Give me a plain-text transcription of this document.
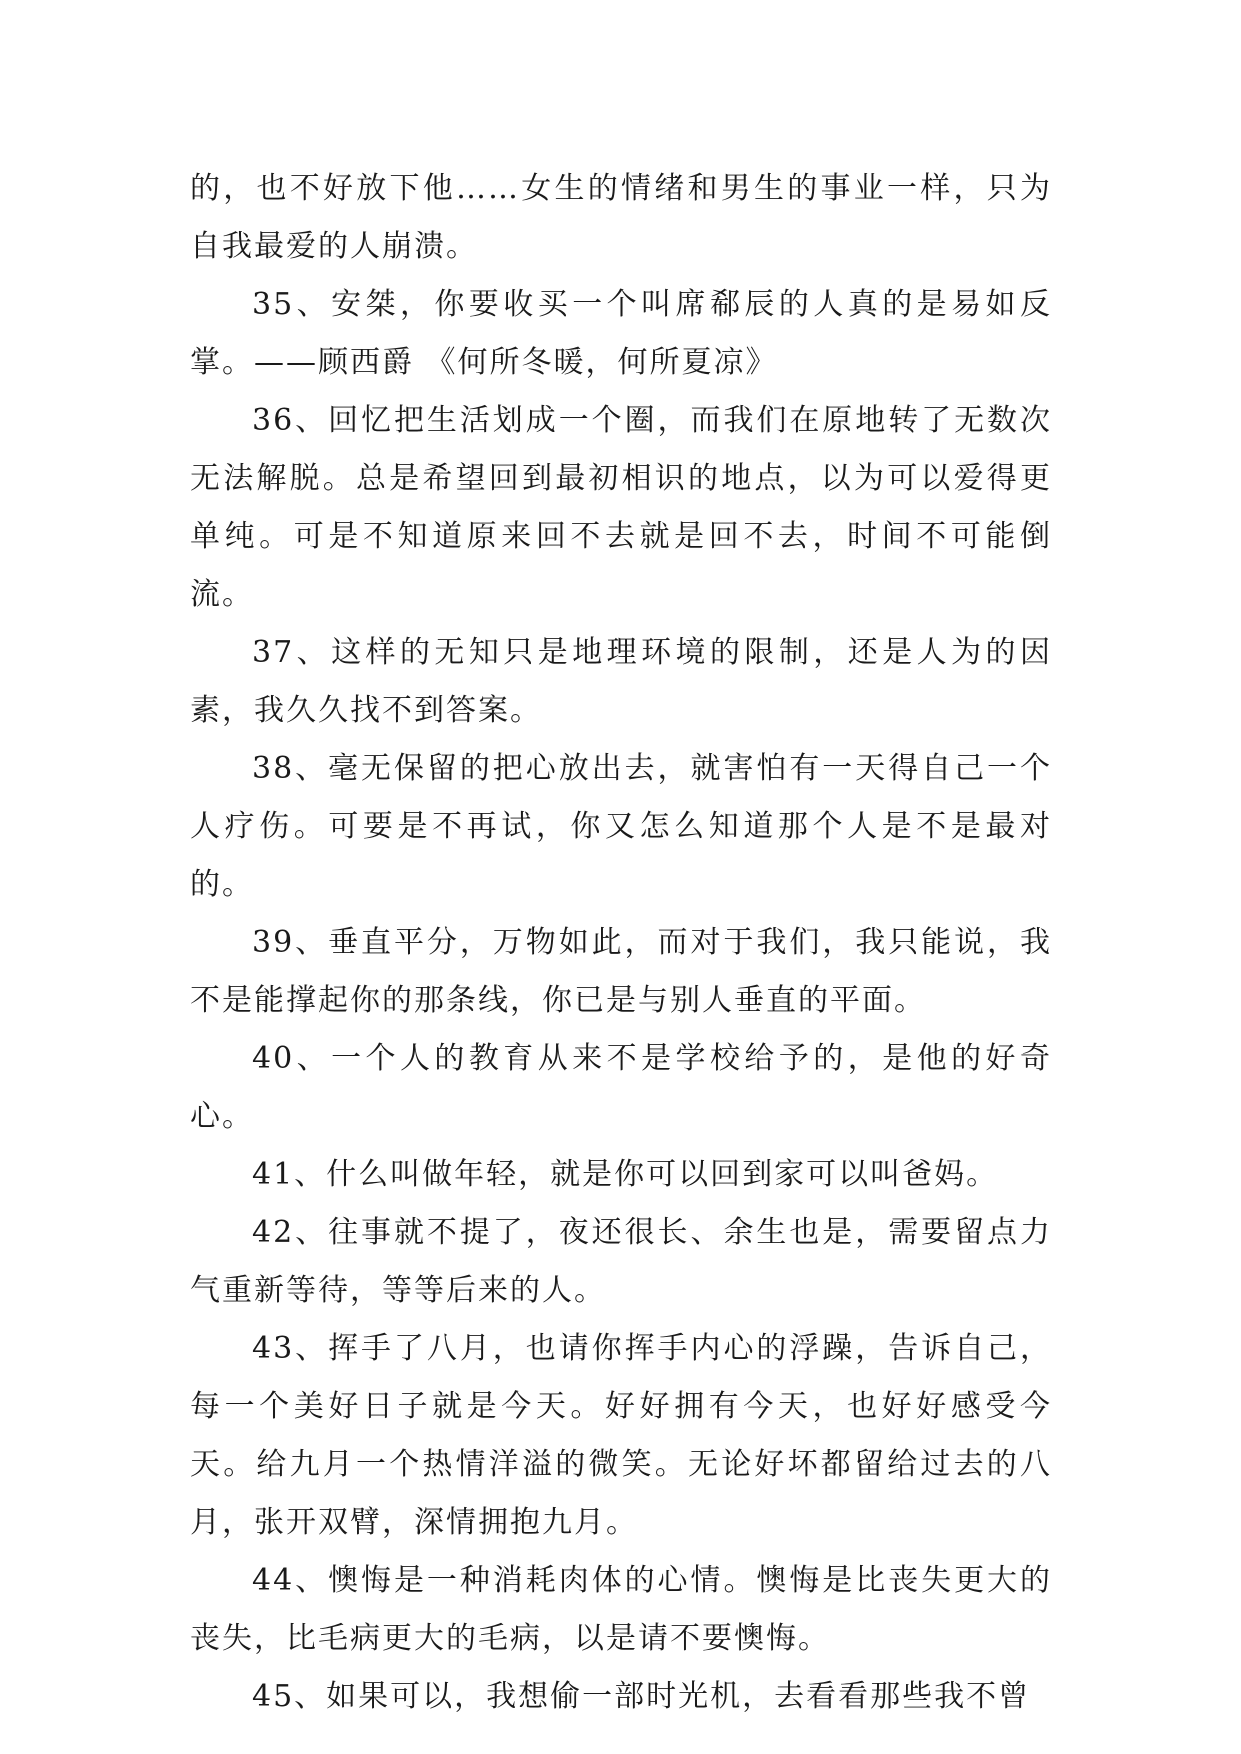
的，也不好放下他……女生的情绪和男生的事业一样，只为自我最爱的人崩溃。

35、安桀，你要收买一个叫席郗辰的人真的是易如反掌。——顾西爵 《何所冬暖，何所夏凉》

36、回忆把生活划成一个圈，而我们在原地转了无数次无法解脱。总是希望回到最初相识的地点，以为可以爱得更单纯。可是不知道原来回不去就是回不去，时间不可能倒流。

37、这样的无知只是地理环境的限制，还是人为的因素，我久久找不到答案。

38、毫无保留的把心放出去，就害怕有一天得自己一个人疗伤。可要是不再试，你又怎么知道那个人是不是最对的。

39、垂直平分，万物如此，而对于我们，我只能说，我不是能撑起你的那条线，你已是与别人垂直的平面。

40、一个人的教育从来不是学校给予的，是他的好奇心。

41、什么叫做年轻，就是你可以回到家可以叫爸妈。

42、往事就不提了，夜还很长、余生也是，需要留点力气重新等待，等等后来的人。

43、挥手了八月，也请你挥手内心的浮躁，告诉自己，每一个美好日子就是今天。好好拥有今天，也好好感受今天。给九月一个热情洋溢的微笑。无论好坏都留给过去的八月，张开双臂，深情拥抱九月。

44、懊悔是一种消耗肉体的心情。懊悔是比丧失更大的丧失，比毛病更大的毛病，以是请不要懊悔。

45、如果可以，我想偷一部时光机，去看看那些我不曾
